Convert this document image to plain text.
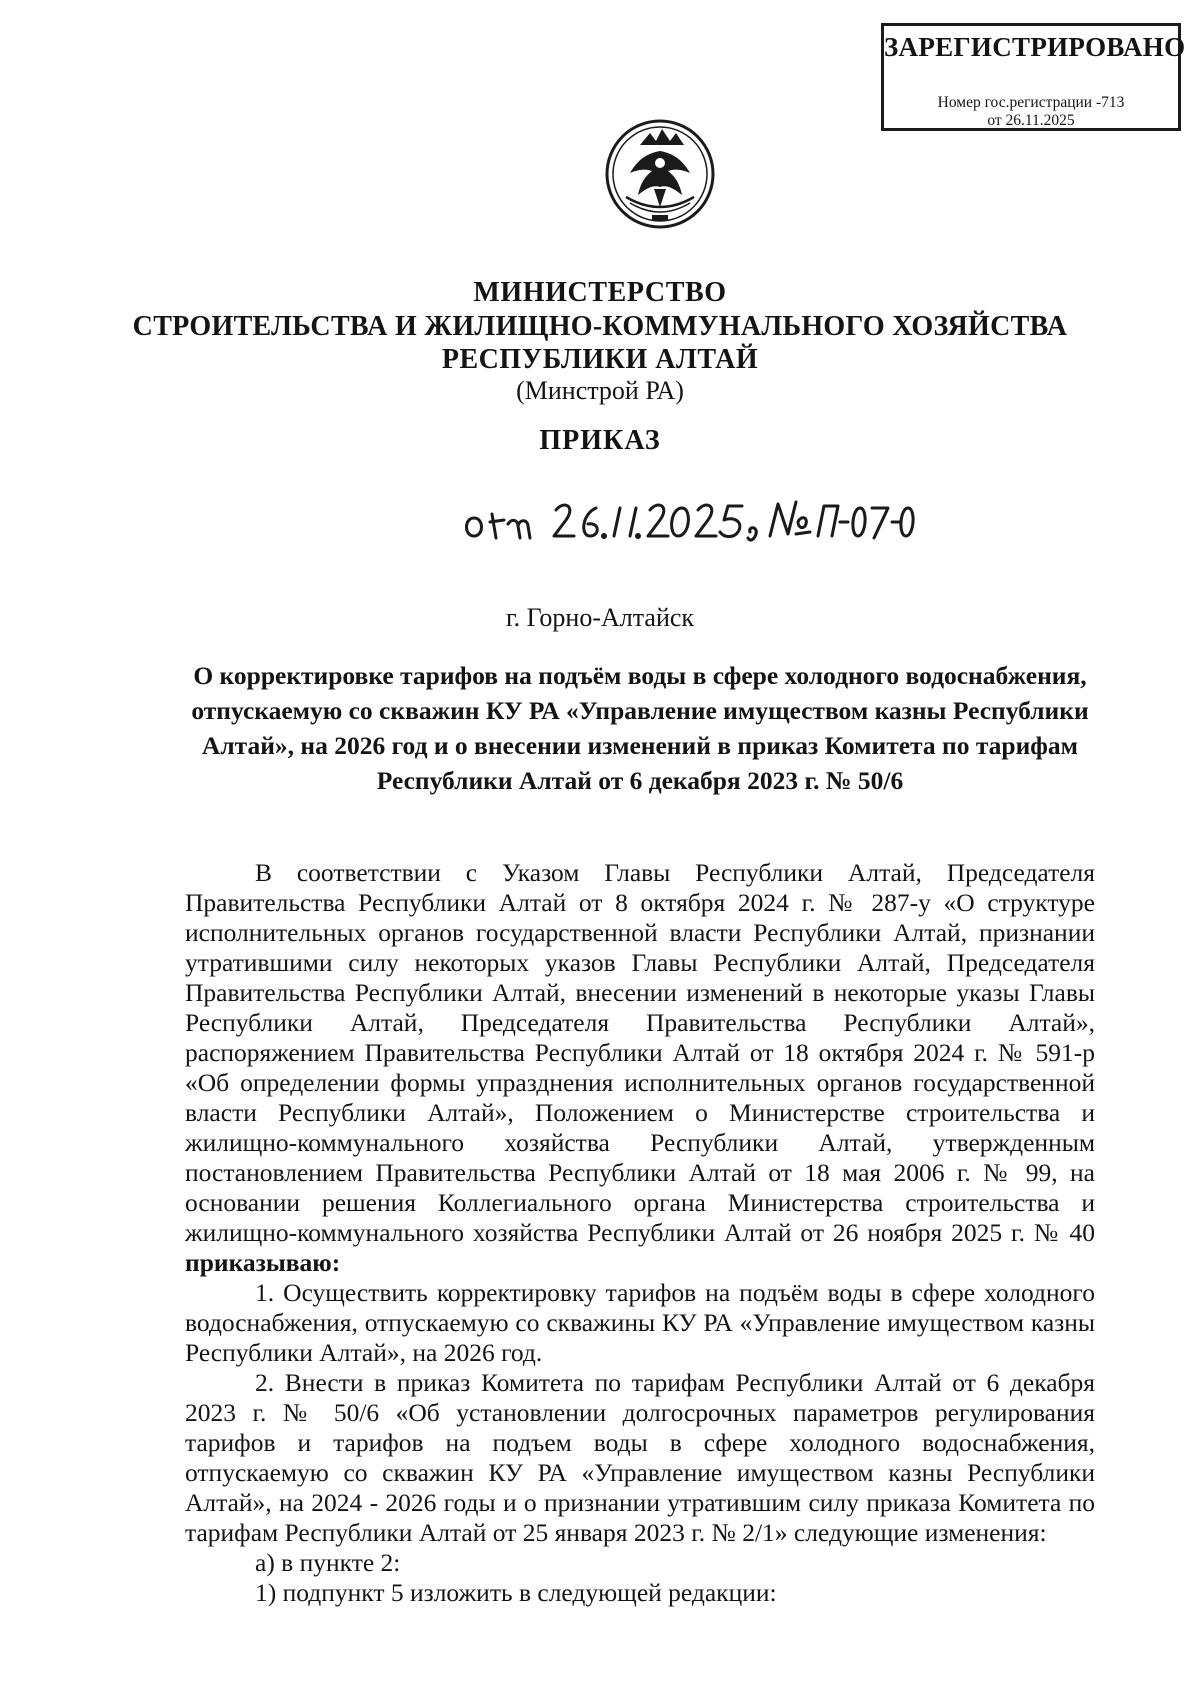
ЗАРЕГИСТРИРОВАНО
Номер гос.регистрации -713
от 26.11.2025
МИНИСТЕРСТВО
СТРОИТЕЛЬСТВА И ЖИЛИЩНО-КОММУНАЛЬНОГО ХОЗЯЙСТВА
РЕСПУБЛИКИ АЛТАЙ
(Минстрой РА)
ПРИКАЗ
г. Горно-Алтайск
О корректировке тарифов на подъём воды в сфере холодного водоснабжения,
отпускаемую со скважин КУ РА «Управление имуществом казны Республики
Алтай», на 2026 год и о внесении изменений в приказ Комитета по тарифам
Республики Алтай от 6 декабря 2023 г. № 50/6

В соответствии с Указом Главы Республики Алтай, Председателя Правительства Республики Алтай от 8 октября 2024 г. № 287-у «О структуре исполнительных органов государственной власти Республики Алтай, признании утратившими силу некоторых указов Главы Республики Алтай, Председателя Правительства Республики Алтай, внесении изменений в некоторые указы Главы Республики Алтай, Председателя Правительства Республики Алтай», распоряжением Правительства Республики Алтай от 18 октября 2024 г. № 591-р «Об определении формы упразднения исполнительных органов государственной власти Республики Алтай», Положением о Министерстве строительства и жилищно-коммунального хозяйства Республики Алтай, утвержденным постановлением Правительства Республики Алтай от 18 мая 2006 г. № 99, на основании решения Коллегиального органа Министерства строительства и жилищно-коммунального хозяйства Республики Алтай от 26 ноября 2025 г. № 40 приказываю:

1. Осуществить корректировку тарифов на подъём воды в сфере холодного водоснабжения, отпускаемую со скважины КУ РА «Управление имуществом казны Республики Алтай», на 2026 год.

2. Внести в приказ Комитета по тарифам Республики Алтай от 6 декабря 2023 г. № 50/6 «Об установлении долгосрочных параметров регулирования тарифов и тарифов на подъем воды в сфере холодного водоснабжения, отпускаемую со скважин КУ РА «Управление имуществом казны Республики Алтай», на 2024 - 2026 годы и о признании утратившим силу приказа Комитета по тарифам Республики Алтай от 25 января 2023 г. № 2/1» следующие изменения:

а) в пункте 2:

1) подпункт 5 изложить в следующей редакции:
